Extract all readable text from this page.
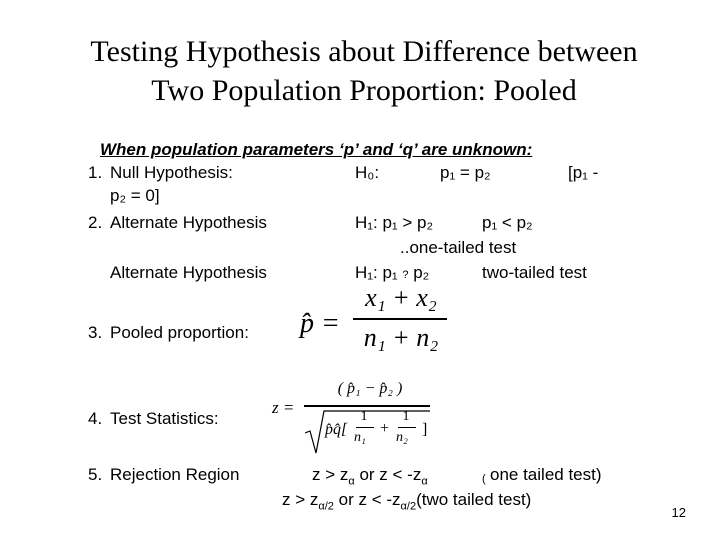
Testing Hypothesis about Difference between
Two Population Proportion: Pooled
When population parameters ‘p’ and ‘q’ are unknown:
1. Null Hypothesis:	H₀:	p₁ = p₂	[p₁ -
p₂ = 0]
2. Alternate Hypothesis	H₁: p₁ > p₂	p₁ < p₂
..one-tailed test
Alternate Hypothesis	H₁: p₁ ? p₂	two-tailed test
3. Pooled proportion: p̂ =
x₁ + x₂
n₁ + n₂
4. Test Statistics:
z =
( p̂₁ − p̂₂ )
p̂q̂[
1
n₁
+
1
n₂ ]
5. Rejection Region	$z > z_\alpha$ or $z < -z_\alpha$	( one tailed test)
$z > z_{\alpha/2}$ or $z < -z_{\alpha/2}(two$ tailed test)
12
